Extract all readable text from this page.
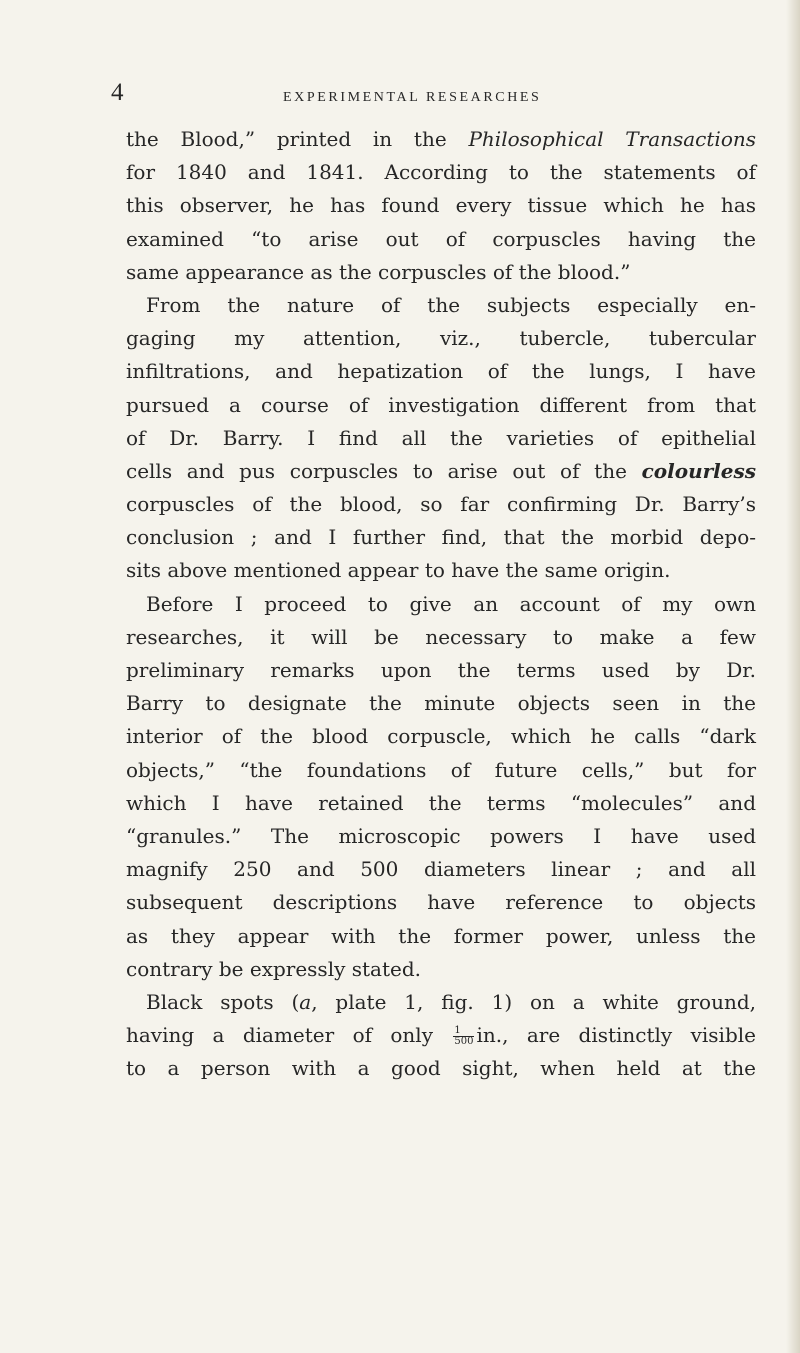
4	EXPERIMENTAL RESEARCHES
the Blood,” printed in the Philosophical Transactions
for 1840 and 1841. According to the statements of
this observer, he has found every tissue which he has
examined “to arise out of corpuscles having the
same appearance as the corpuscles of the blood.”
From the nature of the subjects especially en-
gaging my attention, viz., tubercle, tubercular
infiltrations, and hepatization of the lungs, I have
pursued a course of investigation different from that
of Dr. Barry. I find all the varieties of epithelial
cells and pus corpuscles to arise out of the colourless
corpuscles of the blood, so far confirming Dr. Barry’s
conclusion ; and I further find, that the morbid depo-
sits above mentioned appear to have the same origin.
Before I proceed to give an account of my own
researches, it will be necessary to make a few
preliminary remarks upon the terms used by Dr.
Barry to designate the minute objects seen in the
interior of the blood corpuscle, which he calls “dark
objects,” “the foundations of future cells,” but for
which I have retained the terms “molecules” and
“granules.” The microscopic powers I have used
magnify 250 and 500 diameters linear ; and all
subsequent descriptions have reference to objects
as they appear with the former power, unless the
contrary be expressly stated.
Black spots (a, plate 1, fig. 1) on a white ground,
having a diameter of only $\frac{1}{500}$ in., are distinctly visible
to a person with a good sight, when held at the
